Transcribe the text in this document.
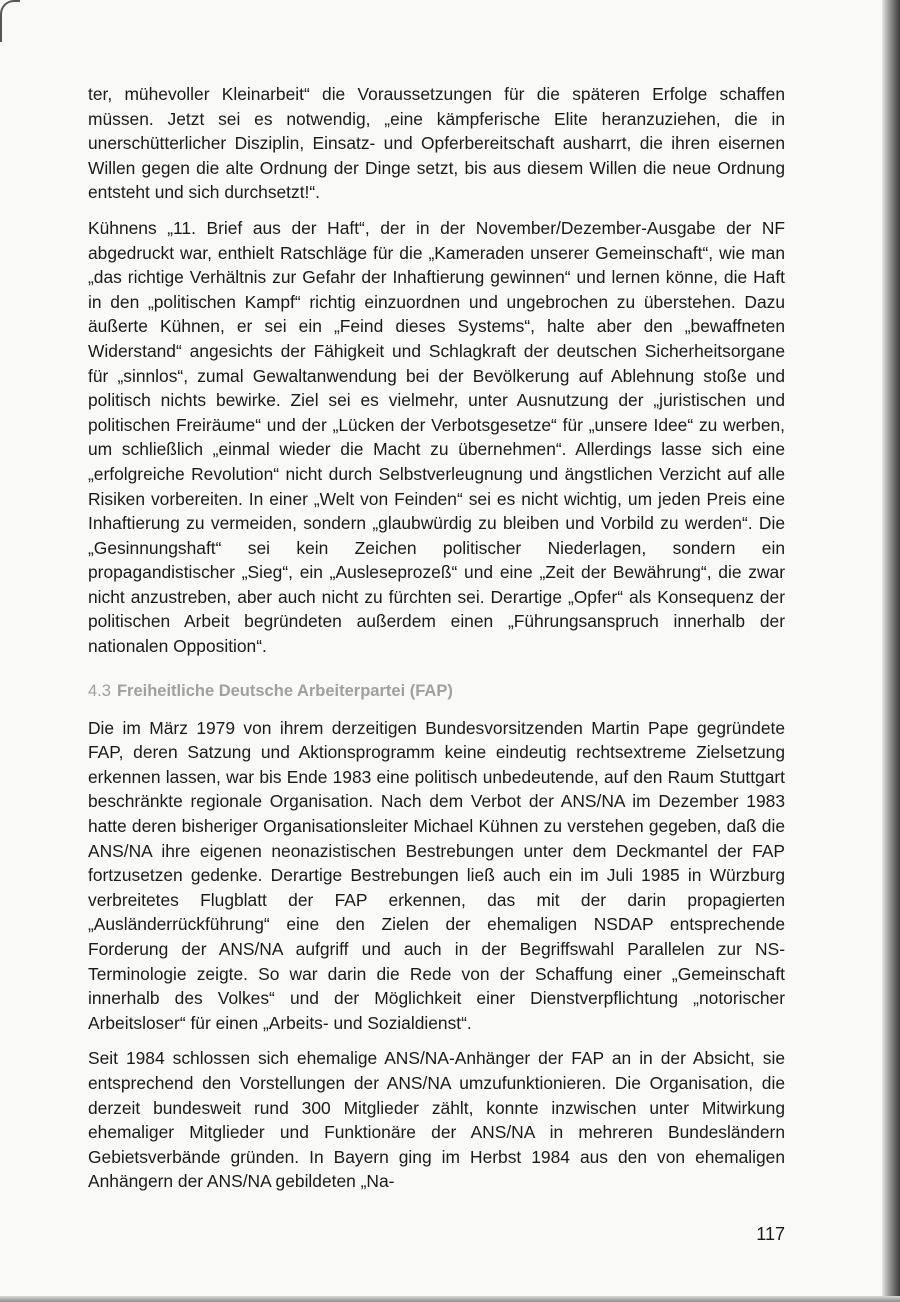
ter, mühevoller Kleinarbeit“ die Voraussetzungen für die späteren Erfolge schaffen müssen. Jetzt sei es notwendig, „eine kämpferische Elite heranzuziehen, die in unerschütterlicher Disziplin, Einsatz- und Opferbereitschaft ausharrt, die ihren eisernen Willen gegen die alte Ordnung der Dinge setzt, bis aus diesem Willen die neue Ordnung entsteht und sich durchsetzt!“.

Kühnens „11. Brief aus der Haft“, der in der November/Dezember-Ausgabe der NF abgedruckt war, enthielt Ratschläge für die „Kameraden unserer Gemeinschaft“, wie man „das richtige Verhältnis zur Gefahr der Inhaftierung gewinnen“ und lernen könne, die Haft in den „politischen Kampf“ richtig einzuordnen und ungebrochen zu überstehen. Dazu äußerte Kühnen, er sei ein „Feind dieses Systems“, halte aber den „bewaffneten Widerstand“ angesichts der Fähigkeit und Schlagkraft der deutschen Sicherheitsorgane für „sinnlos“, zumal Gewaltanwendung bei der Bevölkerung auf Ablehnung stoße und politisch nichts bewirke. Ziel sei es vielmehr, unter Ausnutzung der „juristischen und politischen Freiräume“ und der „Lücken der Verbotsgesetze“ für „unsere Idee“ zu werben, um schließlich „einmal wieder die Macht zu übernehmen“. Allerdings lasse sich eine „erfolgreiche Revolution“ nicht durch Selbstverleugnung und ängstlichen Verzicht auf alle Risiken vorbereiten. In einer „Welt von Feinden“ sei es nicht wichtig, um jeden Preis eine Inhaftierung zu vermeiden, sondern „glaubwürdig zu bleiben und Vorbild zu werden“. Die „Gesinnungshaft“ sei kein Zeichen politischer Niederlagen, sondern ein propagandistischer „Sieg“, ein „Ausleseprozeß“ und eine „Zeit der Bewährung“, die zwar nicht anzustreben, aber auch nicht zu fürchten sei. Derartige „Opfer“ als Konsequenz der politischen Arbeit begründeten außerdem einen „Führungsanspruch innerhalb der nationalen Opposition“.

4.3 Freiheitliche Deutsche Arbeiterpartei (FAP)

Die im März 1979 von ihrem derzeitigen Bundesvorsitzenden Martin Pape gegründete FAP, deren Satzung und Aktionsprogramm keine eindeutig rechtsextreme Zielsetzung erkennen lassen, war bis Ende 1983 eine politisch unbedeutende, auf den Raum Stuttgart beschränkte regionale Organisation. Nach dem Verbot der ANS/NA im Dezember 1983 hatte deren bisheriger Organisationsleiter Michael Kühnen zu verstehen gegeben, daß die ANS/NA ihre eigenen neonazistischen Bestrebungen unter dem Deckmantel der FAP fortzusetzen gedenke. Derartige Bestrebungen ließ auch ein im Juli 1985 in Würzburg verbreitetes Flugblatt der FAP erkennen, das mit der darin propagierten „Ausländerrückführung“ eine den Zielen der ehemaligen NSDAP entsprechende Forderung der ANS/NA aufgriff und auch in der Begriffswahl Parallelen zur NS-Terminologie zeigte. So war darin die Rede von der Schaffung einer „Gemeinschaft innerhalb des Volkes“ und der Möglichkeit einer Dienstverpflichtung „notorischer Arbeitsloser“ für einen „Arbeits- und Sozialdienst“.

Seit 1984 schlossen sich ehemalige ANS/NA-Anhänger der FAP an in der Absicht, sie entsprechend den Vorstellungen der ANS/NA umzufunktionieren. Die Organisation, die derzeit bundesweit rund 300 Mitglieder zählt, konnte inzwischen unter Mitwirkung ehemaliger Mitglieder und Funktionäre der ANS/NA in mehreren Bundesländern Gebietsverbände gründen. In Bayern ging im Herbst 1984 aus den von ehemaligen Anhängern der ANS/NA gebildeten „Na-

117
